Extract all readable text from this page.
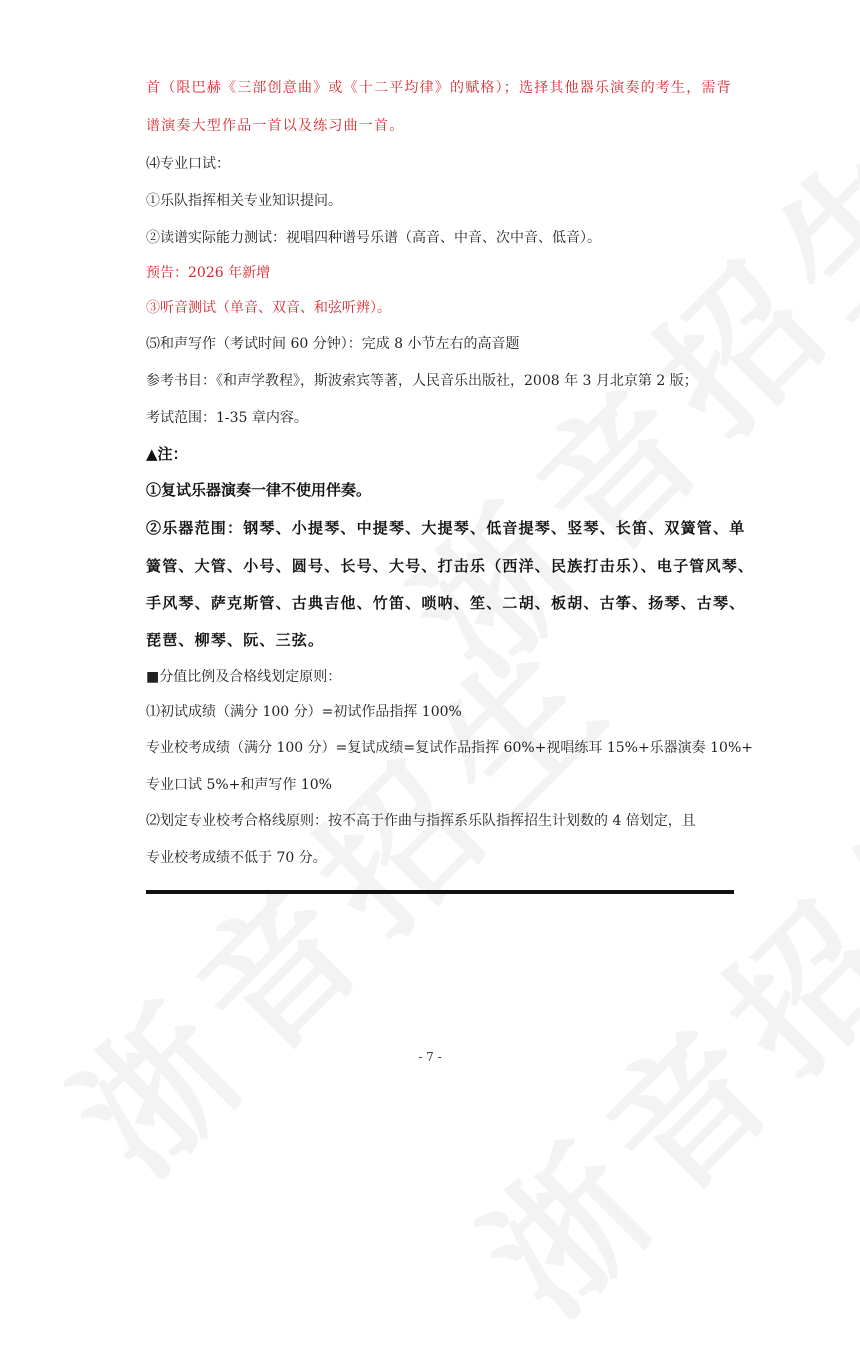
首（限巴赫《三部创意曲》或《十二平均律》的赋格）；选择其他器乐演奏的考生，需背
谱演奏大型作品一首以及练习曲一首。
⑷专业口试：
①乐队指挥相关专业知识提问。
②读谱实际能力测试：视唱四种谱号乐谱（高音、中音、次中音、低音）。
预告：2026 年新增
③听音测试（单音、双音、和弦听辨）。
⑸和声写作（考试时间 60 分钟）：完成 8 小节左右的高音题
参考书目：《和声学教程》，斯波索宾等著，人民音乐出版社，2008 年 3 月北京第 2 版；
考试范围：1-35 章内容。
▲注：
①复试乐器演奏一律不使用伴奏。
②乐器范围：钢琴、小提琴、中提琴、大提琴、低音提琴、竖琴、长笛、双簧管、单
簧管、大管、小号、圆号、长号、大号、打击乐（西洋、民族打击乐）、电子管风琴、
手风琴、萨克斯管、古典吉他、竹笛、唢呐、笙、二胡、板胡、古筝、扬琴、古琴、
琵琶、柳琴、阮、三弦。
■分值比例及合格线划定原则：
⑴初试成绩（满分 100 分）=初试作品指挥 100%
专业校考成绩（满分 100 分）=复试成绩=复试作品指挥 60%+视唱练耳 15%+乐器演奏 10%+
专业口试 5%+和声写作 10%
⑵划定专业校考合格线原则：按不高于作曲与指挥系乐队指挥招生计划数的 4 倍划定，且
专业校考成绩不低于 70 分。
- 7 -
